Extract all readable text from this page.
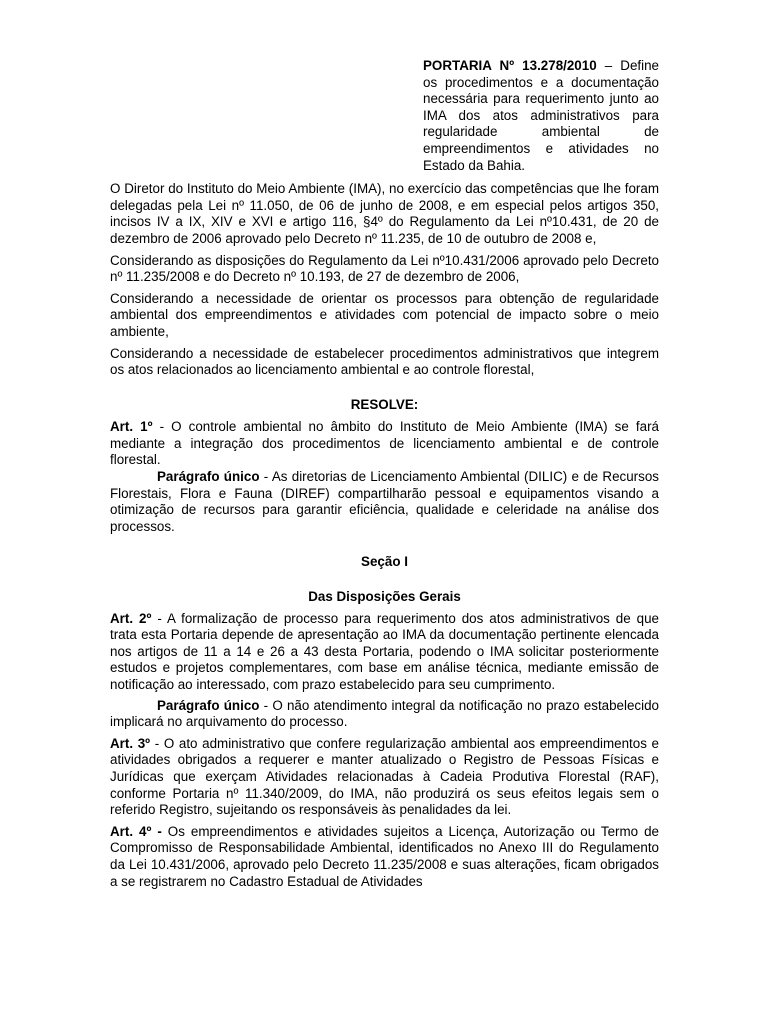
PORTARIA Nº 13.278/2010 – Define os procedimentos e a documentação necessária para requerimento junto ao IMA dos atos administrativos para regularidade ambiental de empreendimentos e atividades no Estado da Bahia.

O Diretor do Instituto do Meio Ambiente (IMA), no exercício das competências que lhe foram delegadas pela Lei nº 11.050, de 06 de junho de 2008, e em especial pelos artigos 350, incisos IV a IX, XIV e XVI e artigo 116, §4º do Regulamento da Lei nº10.431, de 20 de dezembro de 2006 aprovado pelo Decreto nº 11.235, de 10 de outubro de 2008 e,

Considerando as disposições do Regulamento da Lei nº10.431/2006 aprovado pelo Decreto nº 11.235/2008 e do Decreto nº 10.193, de 27 de dezembro de 2006,

Considerando a necessidade de orientar os processos para obtenção de regularidade ambiental dos empreendimentos e atividades com potencial de impacto sobre o meio ambiente,

Considerando a necessidade de estabelecer procedimentos administrativos que integrem os atos relacionados ao licenciamento ambiental e ao controle florestal,

RESOLVE:

Art. 1º - O controle ambiental no âmbito do Instituto de Meio Ambiente (IMA) se fará mediante a integração dos procedimentos de licenciamento ambiental e de controle florestal.

Parágrafo único - As diretorias de Licenciamento Ambiental (DILIC) e de Recursos Florestais, Flora e Fauna (DIREF) compartilharão pessoal e equipamentos visando a otimização de recursos para garantir eficiência, qualidade e celeridade na análise dos processos.

Seção I

Das Disposições Gerais

Art. 2º - A formalização de processo para requerimento dos atos administrativos de que trata esta Portaria depende de apresentação ao IMA da documentação pertinente elencada nos artigos de 11 a 14 e 26 a 43 desta Portaria, podendo o IMA solicitar posteriormente estudos e projetos complementares, com base em análise técnica, mediante emissão de notificação ao interessado, com prazo estabelecido para seu cumprimento.

Parágrafo único - O não atendimento integral da notificação no prazo estabelecido implicará no arquivamento do processo.

Art. 3º - O ato administrativo que confere regularização ambiental aos empreendimentos e atividades obrigados a requerer e manter atualizado o Registro de Pessoas Físicas e Jurídicas que exerçam Atividades relacionadas à Cadeia Produtiva Florestal (RAF), conforme Portaria nº 11.340/2009, do IMA, não produzirá os seus efeitos legais sem o referido Registro, sujeitando os responsáveis às penalidades da lei.

Art. 4º - Os empreendimentos e atividades sujeitos a Licença, Autorização ou Termo de Compromisso de Responsabilidade Ambiental, identificados no Anexo III do Regulamento da Lei 10.431/2006, aprovado pelo Decreto 11.235/2008 e suas alterações, ficam obrigados a se registrarem no Cadastro Estadual de Atividades
